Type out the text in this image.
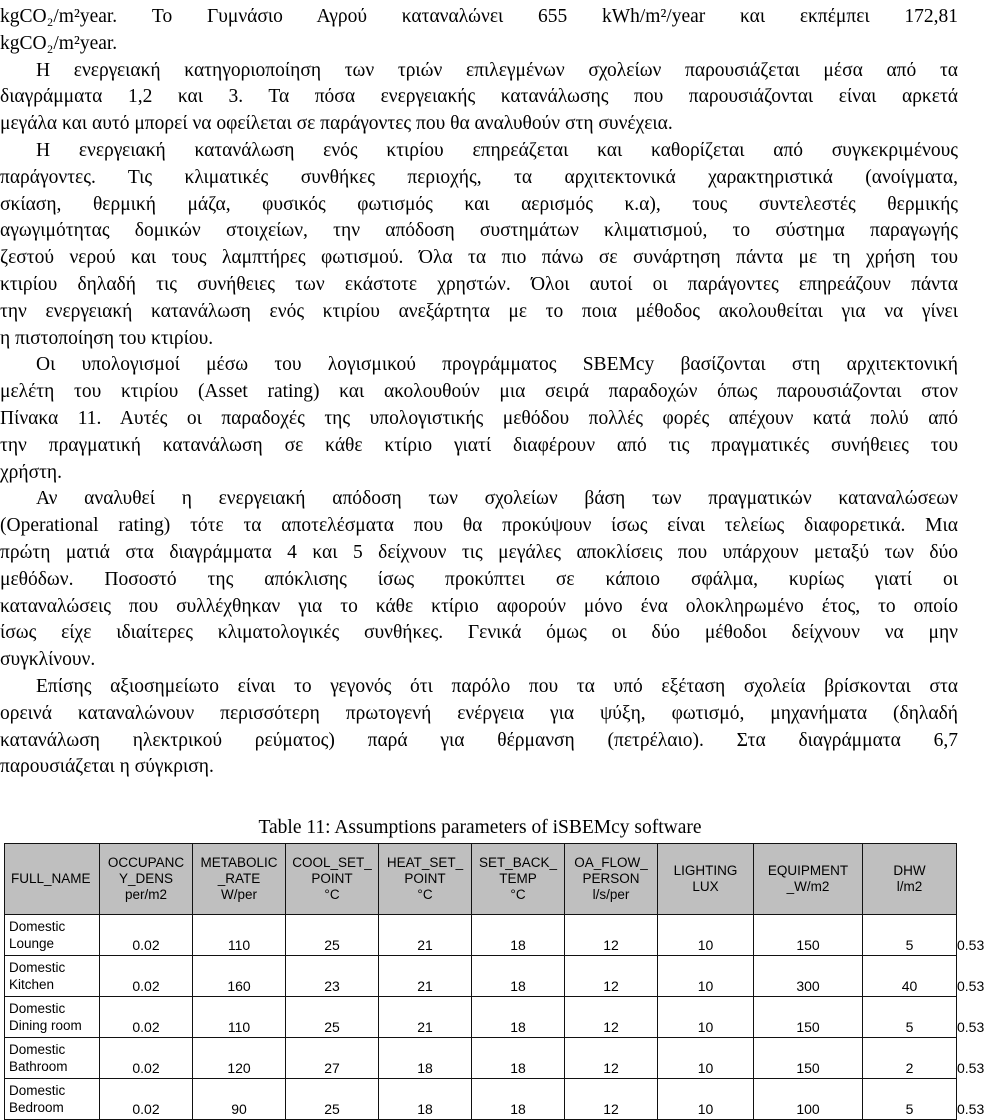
kgCO₂/m²year. Το Γυμνάσιο Αγρού καταναλώνει 655 kWh/m²/year και εκπέμπει 172,81
kgCO₂/m²year.
Η ενεργειακή κατηγοριοποίηση των τριών επιλεγμένων σχολείων παρουσιάζεται μέσα από τα
διαγράμματα 1,2 και 3. Τα πόσα ενεργειακής κατανάλωσης που παρουσιάζονται είναι αρκετά
μεγάλα και αυτό μπορεί να οφείλεται σε παράγοντες που θα αναλυθούν στη συνέχεια.
Η ενεργειακή κατανάλωση ενός κτιρίου επηρεάζεται και καθορίζεται από συγκεκριμένους
παράγοντες. Τις κλιματικές συνθήκες περιοχής, τα αρχιτεκτονικά χαρακτηριστικά (ανοίγματα,
σκίαση, θερμική μάζα, φυσικός φωτισμός και αερισμός κ.α), τους συντελεστές θερμικής
αγωγιμότητας δομικών στοιχείων, την απόδοση συστημάτων κλιματισμού, το σύστημα παραγωγής
ζεστού νερού και τους λαμπτήρες φωτισμού. Όλα τα πιο πάνω σε συνάρτηση πάντα με τη χρήση του
κτιρίου δηλαδή τις συνήθειες των εκάστοτε χρηστών. Όλοι αυτοί οι παράγοντες επηρεάζουν πάντα
την ενεργειακή κατανάλωση ενός κτιρίου ανεξάρτητα με το ποια μέθοδος ακολουθείται για να γίνει
η πιστοποίηση του κτιρίου.
Οι υπολογισμοί μέσω του λογισμικού προγράμματος SBEMcy βασίζονται στη αρχιτεκτονική
μελέτη του κτιρίου (Asset rating) και ακολουθούν μια σειρά παραδοχών όπως παρουσιάζονται στον
Πίνακα 11. Αυτές οι παραδοχές της υπολογιστικής μεθόδου πολλές φορές απέχουν κατά πολύ από
την πραγματική κατανάλωση σε κάθε κτίριο γιατί διαφέρουν από τις πραγματικές συνήθειες του
χρήστη.
Αν αναλυθεί η ενεργειακή απόδοση των σχολείων βάση των πραγματικών καταναλώσεων
(Operational rating) τότε τα αποτελέσματα που θα προκύψουν ίσως είναι τελείως διαφορετικά. Μια
πρώτη ματιά στα διαγράμματα 4 και 5 δείχνουν τις μεγάλες αποκλίσεις που υπάρχουν μεταξύ των δύο
μεθόδων. Ποσοστό της απόκλισης ίσως προκύπτει σε κάποιο σφάλμα, κυρίως γιατί οι
καταναλώσεις που συλλέχθηκαν για το κάθε κτίριο αφορούν μόνο ένα ολοκληρωμένο έτος, το οποίο
ίσως είχε ιδιαίτερες κλιματολογικές συνθήκες. Γενικά όμως οι δύο μέθοδοι δείχνουν να μην
συγκλίνουν.
Επίσης αξιοσημείωτο είναι το γεγονός ότι παρόλο που τα υπό εξέταση σχολεία βρίσκονται στα
ορεινά καταναλώνουν περισσότερη πρωτογενή ενέργεια για ψύξη, φωτισμό, μηχανήματα (δηλαδή
κατανάλωση ηλεκτρικού ρεύματος) παρά για θέρμανση (πετρέλαιο). Στα διαγράμματα 6,7
παρουσιάζεται η σύγκριση.
Table 11: Assumptions parameters of iSBEMcy software
FULL_NAME	OCCUPANC
Y_DENS
per/m2	METABOLIC
_RATE
W/per	COOL_SET_
POINT
°C	HEAT_SET_
POINT
°C	SET_BACK_
TEMP
°C	OA_FLOW_
PERSON
l/s/per	LIGHTING
LUX	EQUIPMENT
_W/m2	DHW
l/m2	
Domestic
Lounge	0.02	110	25	21	18	12	10	150	5	0.53
Domestic
Kitchen	0.02	160	23	21	18	12	10	300	40	0.53
Domestic
Dining room	0.02	110	25	21	18	12	10	150	5	0.53
Domestic
Bathroom	0.02	120	27	18	18	12	10	150	2	0.53
Domestic
Bedroom	0.02	90	25	18	18	12	10	100	5	0.53
